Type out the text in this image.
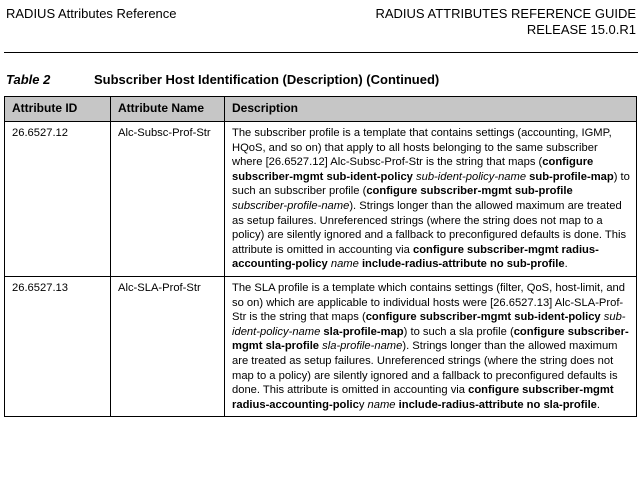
RADIUS Attributes Reference	RADIUS ATTRIBUTES REFERENCE GUIDE
RELEASE 15.0.R1
Table 2	Subscriber Host Identification (Description) (Continued)
Attribute ID	Attribute Name	Description
26.6527.12	Alc-Subsc-Prof-Str	The subscriber profile is a template that contains settings (accounting, IGMP, HQoS, and so on) that apply to all hosts belonging to the same subscriber where [26.6527.12] Alc-Subsc-Prof-Str is the string that maps (configure subscriber-mgmt sub-ident-policy sub-ident-policy-name sub-profile-map) to such an subscriber profile (configure subscriber-mgmt sub-profile subscriber-profile-name). Strings longer than the allowed maximum are treated as setup failures. Unreferenced strings (where the string does not map to a policy) are silently ignored and a fallback to preconfigured defaults is done. This attribute is omitted in accounting via configure subscriber-mgmt radius-accounting-policy name include-radius-attribute no sub-profile.
26.6527.13	Alc-SLA-Prof-Str	The SLA profile is a template which contains settings (filter, QoS, host-limit, and so on) which are applicable to individual hosts were [26.6527.13] Alc-SLA-Prof-Str is the string that maps (configure subscriber-mgmt sub-ident-policy sub-ident-policy-name sla-profile-map) to such a sla profile (configure subscriber-mgmt sla-profile sla-profile-name). Strings longer than the allowed maximum are treated as setup failures. Unreferenced strings (where the string does not map to a policy) are silently ignored and a fallback to preconfigured defaults is done. This attribute is omitted in accounting via configure subscriber-mgmt radius-accounting-policy name include-radius-attribute no sla-profile.
